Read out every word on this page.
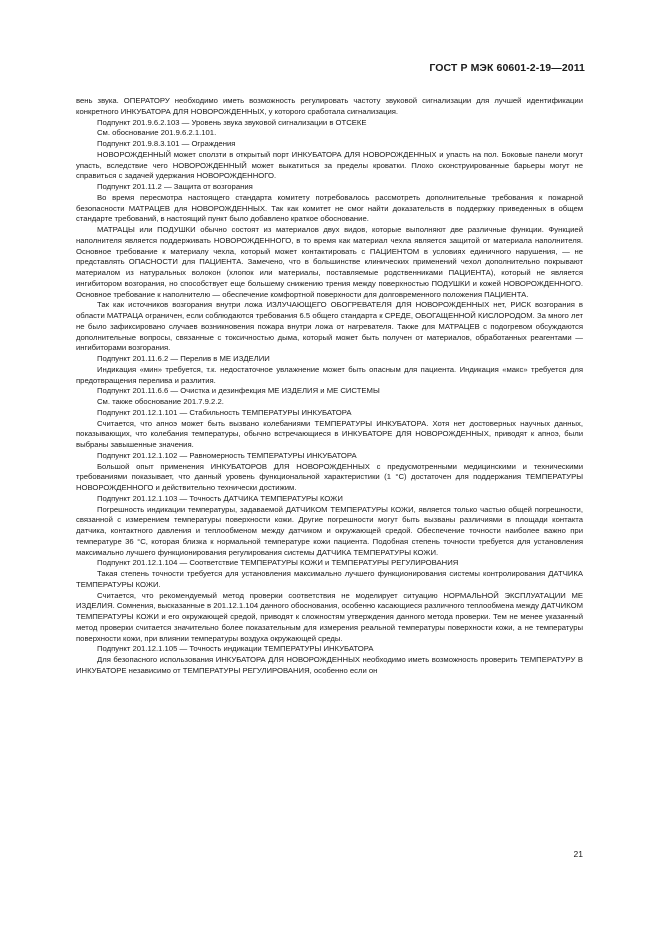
ГОСТ Р МЭК 60601-2-19—2011

вень звука. ОПЕРАТОРУ необходимо иметь возможность регулировать частоту звуковой сигнализации для лучшей идентификации конкретного ИНКУБАТОРА ДЛЯ НОВОРОЖДЕННЫХ, у которого сработала сигнализация.

Подпункт 201.9.6.2.103 — Уровень звука звуковой сигнализации в ОТСЕКЕ

См. обоснование 201.9.6.2.1.101.

Подпункт 201.9.8.3.101 — Ограждения

НОВОРОЖДЕННЫЙ может сползти в открытый порт ИНКУБАТОРА ДЛЯ НОВОРОЖДЕННЫХ и упасть на пол. Боковые панели могут упасть, вследствие чего НОВОРОЖДЕННЫЙ может выкатиться за пределы кроватки. Плохо сконструированные барьеры могут не справиться с задачей удержания НОВОРОЖДЕННОГО.

Подпункт 201.11.2 — Защита от возгорания

Во время пересмотра настоящего стандарта комитету потребовалось рассмотреть дополнительные требования к пожарной безопасности МАТРАЦЕВ для НОВОРОЖДЕННЫХ. Так как комитет не смог найти доказательств в поддержку приведенных в общем стандарте требований, в настоящий пункт было добавлено краткое обоснование.

МАТРАЦЫ или ПОДУШКИ обычно состоят из материалов двух видов, которые выполняют две различные функции. Функцией наполнителя является поддерживать НОВОРОЖДЕННОГО, в то время как материал чехла является защитой от материала наполнителя. Основное требование к материалу чехла, который может контактировать с ПАЦИЕНТОМ в условиях единичного нарушения, — не представлять ОПАСНОСТИ для ПАЦИЕНТА. Замечено, что в большинстве клинических применений чехол дополнительно покрывают материалом из натуральных волокон (хлопок или материалы, поставляемые родственниками ПАЦИЕНТА), который не является ингибитором возгорания, но способствует еще большему снижению трения между поверхностью ПОДУШКИ и кожей НОВОРОЖДЕННОГО. Основное требование к наполнителю — обеспечение комфортной поверхности для долговременного положения ПАЦИЕНТА.

Так как источников возгорания внутри ложа ИЗЛУЧАЮЩЕГО ОБОГРЕВАТЕЛЯ ДЛЯ НОВОРОЖДЕННЫХ нет, РИСК возгорания в области МАТРАЦА ограничен, если соблюдаются требования 6.5 общего стандарта к СРЕДЕ, ОБОГАЩЕННОЙ КИСЛОРОДОМ. За много лет не было зафиксировано случаев возникновения пожара внутри ложа от нагревателя. Также для МАТРАЦЕВ с подогревом обсуждаются дополнительные вопросы, связанные с токсичностью дыма, который может быть получен от материалов, обработанных реагентами — ингибиторами возгорания.

Подпункт 201.11.6.2 — Перелив в МЕ ИЗДЕЛИИ

Индикация «мин» требуется, т.к. недостаточное увлажнение может быть опасным для пациента. Индикация «макс» требуется для предотвращения перелива и разлития.

Подпункт 201.11.6.6 — Очистка и дезинфекция МЕ ИЗДЕЛИЯ и МЕ СИСТЕМЫ

См. также обоснование 201.7.9.2.2.

Подпункт 201.12.1.101 — Стабильность ТЕМПЕРАТУРЫ ИНКУБАТОРА

Считается, что апноэ может быть вызвано колебаниями ТЕМПЕРАТУРЫ ИНКУБАТОРА. Хотя нет достоверных научных данных, показывающих, что колебания температуры, обычно встречающиеся в ИНКУБАТОРЕ ДЛЯ НОВОРОЖДЕННЫХ, приводят к апноэ, были выбраны завышенные значения.

Подпункт 201.12.1.102 — Равномерность ТЕМПЕРАТУРЫ ИНКУБАТОРА

Большой опыт применения ИНКУБАТОРОВ ДЛЯ НОВОРОЖДЕННЫХ с предусмотренными медицинскими и техническими требованиями показывает, что данный уровень функциональной характеристики (1 °C) достаточен для поддержания ТЕМПЕРАТУРЫ НОВОРОЖДЕННОГО и действительно технически достижим.

Подпункт 201.12.1.103 — Точность ДАТЧИКА ТЕМПЕРАТУРЫ КОЖИ

Погрешность индикации температуры, задаваемой ДАТЧИКОМ ТЕМПЕРАТУРЫ КОЖИ, является только частью общей погрешности, связанной с измерением температуры поверхности кожи. Другие погрешности могут быть вызваны различиями в площади контакта датчика, контактного давления и теплообменом между датчиком и окружающей средой. Обеспечение точности наиболее важно при температуре 36 °C, которая близка к нормальной температуре кожи пациента. Подобная степень точности требуется для установления максимально лучшего функционирования регулирования системы ДАТЧИКА ТЕМПЕРАТУРЫ КОЖИ.

Подпункт 201.12.1.104 — Соответствие ТЕМПЕРАТУРЫ КОЖИ и ТЕМПЕРАТУРЫ РЕГУЛИРОВАНИЯ

Такая степень точности требуется для установления максимально лучшего функционирования системы контролирования ДАТЧИКА ТЕМПЕРАТУРЫ КОЖИ.

Считается, что рекомендуемый метод проверки соответствия не моделирует ситуацию НОРМАЛЬНОЙ ЭКСПЛУАТАЦИИ МЕ ИЗДЕЛИЯ. Сомнения, высказанные в 201.12.1.104 данного обоснования, особенно касающиеся различного теплообмена между ДАТЧИКОМ ТЕМПЕРАТУРЫ КОЖИ и его окружающей средой, приводят к сложностям утверждения данного метода проверки. Тем не менее указанный метод проверки считается значительно более показательным для измерения реальной температуры поверхности кожи, а не температуры поверхности кожи, при влиянии температуры воздуха окружающей среды.

Подпункт 201.12.1.105 — Точность индикации ТЕМПЕРАТУРЫ ИНКУБАТОРА

Для безопасного использования ИНКУБАТОРА ДЛЯ НОВОРОЖДЕННЫХ необходимо иметь возможность проверить ТЕМПЕРАТУРУ В ИНКУБАТОРЕ независимо от ТЕМПЕРАТУРЫ РЕГУЛИРОВАНИЯ, особенно если он

21
